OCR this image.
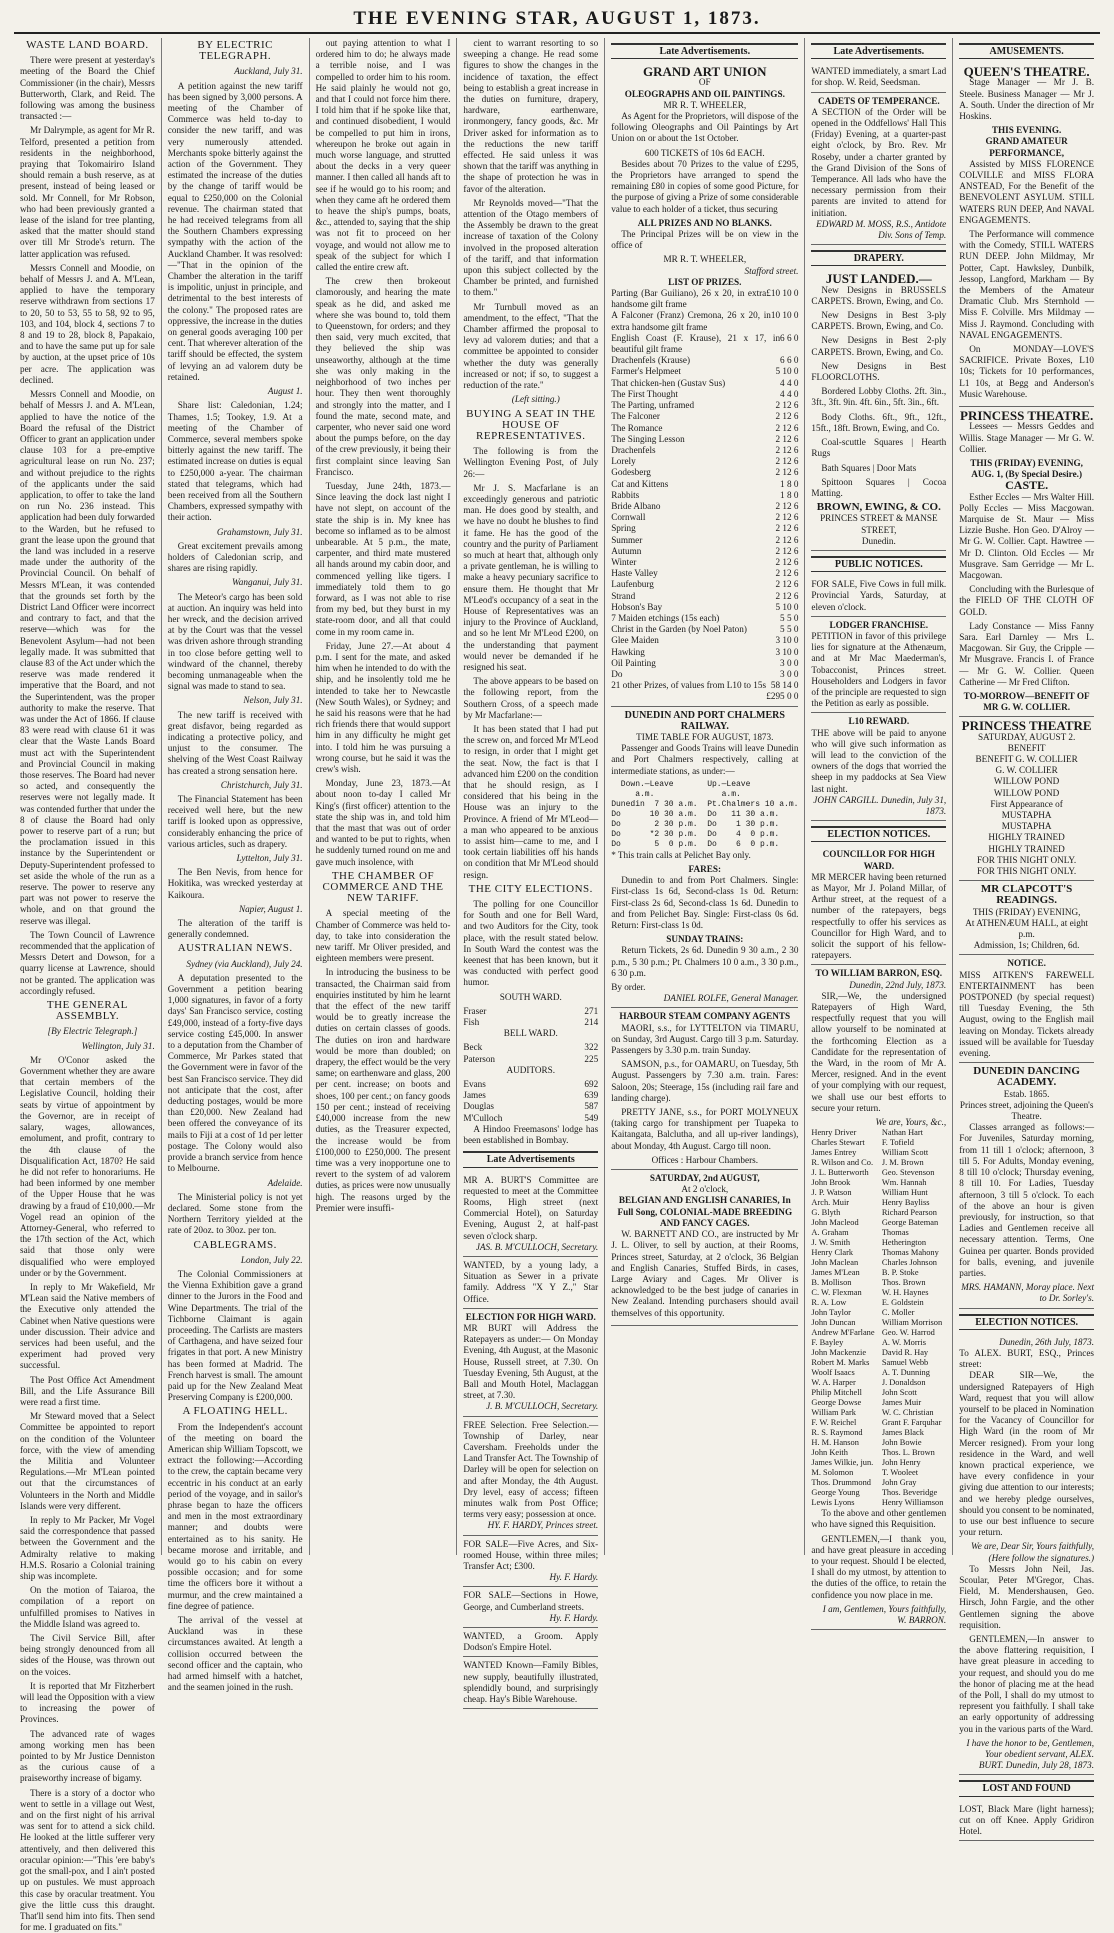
THE EVENING STAR, AUGUST 1, 1873.
WASTE LAND BOARD.

There were present at yesterday's meeting of the Board the Chief Commissioner (in the chair), Messrs Butterworth, Clark, and Reid. The following was among the business transacted :—

Mr Dalrymple, as agent for Mr R. Telford, presented a petition from residents in the neighborhood, praying that Tokomairiro Island should remain a bush reserve, as at present, instead of being leased or sold. Mr Connell, for Mr Robson, who had been previously granted a lease of the island for tree planting, asked that the matter should stand over till Mr Strode's return. The latter application was refused.

Messrs Connell and Moodie, on behalf of Messrs J. and A. M'Lean, applied to have the temporary reserve withdrawn from sections 17 to 20, 50 to 53, 55 to 58, 92 to 95, 103, and 104, block 4, sections 7 to 8 and 19 to 28, block 8, Papakaio, and to have the same put up for sale by auction, at the upset price of 10s per acre. The application was declined.

Messrs Connell and Moodie, on behalf of Messrs J. and A. M'Lean, applied to have the notice of the Board the refusal of the District Officer to grant an application under clause 103 for a pre-emptive agricultural lease on run No. 237; and without prejudice to the rights of the applicants under the said application, to offer to take the land on run No. 236 instead. This application had been duly forwarded to the Warden, but he refused to grant the lease upon the ground that the land was included in a reserve made under the authority of the Provincial Council. On behalf of Messrs M'Lean, it was contended that the grounds set forth by the District Land Officer were incorrect and contrary to fact, and that the reserve—which was for the Benevolent Asylum—had not been legally made. It was submitted that clause 83 of the Act under which the reserve was made rendered it imperative that the Board, and not the Superintendent, was the proper authority to make the reserve. That was under the Act of 1866. If clause 83 were read with clause 61 it was clear that the Waste Lands Board must act with the Superintendent and Provincial Council in making those reserves. The Board had never so acted, and consequently the reserves were not legally made. It was contended further that under the 8 of clause the Board had only power to reserve part of a run; but the proclamation issued in this instance by the Superintendent or Deputy-Superintendent professed to set aside the whole of the run as a reserve. The power to reserve any part was not power to reserve the whole, and on that ground the reserve was illegal.

The Town Council of Lawrence recommended that the application of Messrs Detert and Dowson, for a quarry license at Lawrence, should not be granted. The application was accordingly refused.

THE GENERAL ASSEMBLY.

[By Electric Telegraph.]

Wellington, July 31.

Mr O'Conor asked the Government whether they are aware that certain members of the Legislative Council, holding their seats by virtue of appointment by the Governor, are in receipt of salary, wages, allowances, emolument, and profit, contrary to the 4th clause of the Disqualification Act, 1870? He said he did not refer to honorariums. He had been informed by one member of the Upper House that he was drawing by a fraud of £10,000.—Mr Vogel read an opinion of the Attorney-General, who referred to the 17th section of the Act, which said that those only were disqualified who were employed under or by the Government.

In reply to Mr Wakefield, Mr M'Lean said the Native members of the Executive only attended the Cabinet when Native questions were under discussion. Their advice and services had been useful, and the experiment had proved very successful.

The Post Office Act Amendment Bill, and the Life Assurance Bill were read a first time.

Mr Steward moved that a Select Committee be appointed to report on the condition of the Volunteer force, with the view of amending the Militia and Volunteer Regulations.—Mr M'Lean pointed out that the circumstances of Volunteers in the North and Middle Islands were very different.

In reply to Mr Packer, Mr Vogel said the correspondence that passed between the Government and the Admiralty relative to making H.M.S. Rosario a Colonial training ship was incomplete.

On the motion of Taiaroa, the compilation of a report on unfulfilled promises to Natives in the Middle Island was agreed to.

The Civil Service Bill, after being strongly denounced from all sides of the House, was thrown out on the voices.

It is reported that Mr Fitzherbert will lead the Opposition with a view to increasing the power of Provinces.

The advanced rate of wages among working men has been pointed to by Mr Justice Denniston as the curious cause of a praiseworthy increase of bigamy.

There is a story of a doctor who went to settle in a village out West, and on the first night of his arrival was sent for to attend a sick child. He looked at the little sufferer very attentively, and then delivered this oracular opinion:—"This 'ere baby's got the small-pox, and I ain't posted up on pustules. We must approach this case by oracular treatment. You give the little cuss this draught. That'll send him into fits. Then send for me. I graduated on fits."

BY ELECTRIC TELEGRAPH.

Auckland, July 31.

A petition against the new tariff has been signed by 3,000 persons. A meeting of the Chamber of Commerce was held to-day to consider the new tariff, and was very numerously attended. Merchants spoke bitterly against the action of the Government. They estimated the increase of the duties by the change of tariff would be equal to £250,000 on the Colonial revenue. The chairman stated that he had received telegrams from all the Southern Chambers expressing sympathy with the action of the Auckland Chamber. It was resolved:—"That in the opinion of the Chamber the alteration in the tariff is impolitic, unjust in principle, and detrimental to the best interests of the colony." The proposed rates are oppressive, the increase in the duties on general goods averaging 100 per cent. That wherever alteration of the tariff should be effected, the system of levying an ad valorem duty be retained.

August 1.

Share list: Caledonian, 1.24; Thames, 1.5; Tookey, 1.9. At a meeting of the Chamber of Commerce, several members spoke bitterly against the new tariff. The estimated increase on duties is equal to £250,000 a-year. The chairman stated that telegrams, which had been received from all the Southern Chambers, expressed sympathy with their action.

Grahamstown, July 31.

Great excitement prevails among holders of Caledonian scrip, and shares are rising rapidly.

Wanganui, July 31.

The Meteor's cargo has been sold at auction. An inquiry was held into her wreck, and the decision arrived at by the Court was that the vessel was driven ashore through stranding in too close before getting well to windward of the channel, thereby becoming unmanageable when the signal was made to stand to sea.

Nelson, July 31.

The new tariff is received with great disfavor, being regarded as indicating a protective policy, and unjust to the consumer. The shelving of the West Coast Railway has created a strong sensation here.

Christchurch, July 31.

The Financial Statement has been received well here, but the new tariff is looked upon as oppressive, considerably enhancing the price of various articles, such as drapery.

Lyttelton, July 31.

The Ben Nevis, from hence for Hokitika, was wrecked yesterday at Kaikoura.

Napier, August 1.

The alteration of the tariff is generally condemned.

AUSTRALIAN NEWS.

Sydney (via Auckland), July 24.

A deputation presented to the Government a petition bearing 1,000 signatures, in favor of a forty days' San Francisco service, costing £49,000, instead of a forty-five days service costing £45,000. In answer to a deputation from the Chamber of Commerce, Mr Parkes stated that the Government were in favor of the best San Francisco service. They did not anticipate that the cost, after deducting postages, would be more than £20,000. New Zealand had been offered the conveyance of its mails to Fiji at a cost of 1d per letter postage. The Colony would also provide a branch service from hence to Melbourne.

Adelaide.

The Ministerial policy is not yet declared. Some stone from the Northern Territory yielded at the rate of 20oz. to 30oz. per ton.

CABLEGRAMS.

London, July 22.

The Colonial Commissioners at the Vienna Exhibition gave a grand dinner to the Jurors in the Food and Wine Departments. The trial of the Tichborne Claimant is again proceeding. The Carlists are masters of Carthagena, and have seized four frigates in that port. A new Ministry has been formed at Madrid. The French harvest is small. The amount paid up for the New Zealand Meat Preserving Company is £200,000.

A FLOATING HELL.

From the Independent's account of the meeting on board the American ship William Topscott, we extract the following:—According to the crew, the captain became very eccentric in his conduct at an early period of the voyage, and in sailor's phrase began to haze the officers and men in the most extraordinary manner; and doubts were entertained as to his sanity. He became morose and irritable, and would go to his cabin on every possible occasion; and for some time the officers bore it without a murmur, and the crew maintained a fine degree of patience.

The arrival of the vessel at Auckland was in these circumstances awaited. At length a collision occurred between the second officer and the captain, who had armed himself with a hatchet, and the seamen joined in the rush.

out paying attention to what I ordered him to do; he always made a terrible noise, and I was compelled to order him to his room. He said plainly he would not go, and that I could not force him there. I told him that if he spoke like that, and continued disobedient, I would be compelled to put him in irons, whereupon he broke out again in much worse language, and strutted about the decks in a very queer manner. I then called all hands aft to see if he would go to his room; and when they came aft he ordered them to heave the ship's pumps, boats, &c., attended to, saying that the ship was not fit to proceed on her voyage, and would not allow me to speak of the subject for which I called the entire crew aft.

The crew then brokeout clamorously, and hearing the mate speak as he did, and asked me where she was bound to, told them to Queenstown, for orders; and they then said, very much excited, that they believed the ship was unseaworthy, although at the time she was only making in the neighborhood of two inches per hour. They then went thoroughly and strongly into the matter, and I found the mate, second mate, and carpenter, who never said one word about the pumps before, on the day of the crew previously, it being their first complaint since leaving San Francisco.

Tuesday, June 24th, 1873.—Since leaving the dock last night I have not slept, on account of the state the ship is in. My knee has become so inflamed as to be almost unbearable. At 5 p.m., the mate, carpenter, and third mate mustered all hands around my cabin door, and commenced yelling like tigers. I immediately told them to go forward, as I was not able to rise from my bed, but they burst in my state-room door, and all that could come in my room came in.

Friday, June 27.—At about 4 p.m. I sent for the mate, and asked him when he intended to do with the ship, and he insolently told me he intended to take her to Newcastle (New South Wales), or Sydney; and he said his reasons were that he had rich friends there that would support him in any difficulty he might get into. I told him he was pursuing a wrong course, but he said it was the crew's wish.

Monday, June 23, 1873.—At about noon to-day I called Mr King's (first officer) attention to the state the ship was in, and told him that the mast that was out of order and wanted to be put to rights, when he suddenly turned round on me and gave much insolence, with

THE CHAMBER OF COMMERCE AND THE NEW TARIFF.

A special meeting of the Chamber of Commerce was held to-day, to take into consideration the new tariff. Mr Oliver presided, and eighteen members were present.

In introducing the business to be transacted, the Chairman said from enquiries instituted by him he learnt that the effect of the new tariff would be to greatly increase the duties on certain classes of goods. The duties on iron and hardware would be more than doubled; on drapery, the effect would be the very same; on earthenware and glass, 200 per cent. increase; on boots and shoes, 100 per cent.; on fancy goods 150 per cent.; instead of receiving £40,000 increase from the new duties, as the Treasurer expected, the increase would be from £100,000 to £250,000. The present time was a very inopportune one to revert to the system of ad valorem duties, as prices were now unusually high. The reasons urged by the Premier were insuffi-

cient to warrant resorting to so sweeping a change. He read some figures to show the changes in the incidence of taxation, the effect being to establish a great increase in the duties on furniture, drapery, hardware, earthenware, ironmongery, fancy goods, &c. Mr Driver asked for information as to the reductions the new tariff effected. He said unless it was shown that the tariff was anything in the shape of protection he was in favor of the alteration.

Mr Reynolds moved—"That the attention of the Otago members of the Assembly be drawn to the great increase of taxation of the Colony involved in the proposed alteration of the tariff, and that information upon this subject collected by the Chamber be printed, and furnished to them."

Mr Turnbull moved as an amendment, to the effect, "That the Chamber affirmed the proposal to levy ad valorem duties; and that a committee be appointed to consider whether the duty was generally increased or not; if so, to suggest a reduction of the rate."

(Left sitting.)

BUYING A SEAT IN THE HOUSE OF REPRESENTATIVES.

The following is from the Wellington Evening Post, of July 26:—

Mr J. S. Macfarlane is an exceedingly generous and patriotic man. He does good by stealth, and we have no doubt he blushes to find it fame. He has the good of the country and the purity of Parliament so much at heart that, although only a private gentleman, he is willing to make a heavy pecuniary sacrifice to ensure them. He thought that Mr M'Leod's occupancy of a seat in the House of Representatives was an injury to the Province of Auckland, and so he lent Mr M'Leod £200, on the understanding that payment would never be demanded if he resigned his seat.

The above appears to be based on the following report, from the Southern Cross, of a speech made by Mr Macfarlane:—

It has been stated that I had put the screw on, and forced Mr M'Leod to resign, in order that I might get the seat. Now, the fact is that I advanced him £200 on the condition that he should resign, as I considered that his being in the House was an injury to the Province. A friend of Mr M'Leod—a man who appeared to be anxious to assist him—came to me, and I took certain liabilities off his hands on condition that Mr M'Leod should resign.

THE CITY ELECTIONS.

The polling for one Councillor for South and one for Bell Ward, and two Auditors for the City, took place, with the result stated below. In South Ward the contest was the keenest that has been known, but it was conducted with perfect good humor.

SOUTH WARD.

Fraser	271
Fish	214

BELL WARD.

Beck	322
Paterson	225

AUDITORS.

Evans	692
James	639
Douglas	587
M'Culloch	549

A Hindoo Freemasons' lodge has been established in Bombay.

Late Advertisements
MR A. BURT'S Committee are requested to meet at the Committee Rooms, High street (next Commercial Hotel), on Saturday Evening, August 2, at half-past seven o'clock sharp.
JAS. B. M'CULLOCH, Secretary.
WANTED, by a young lady, a Situation as Sewer in a private family. Address "X Y Z.," Star Office.
ELECTION FOR HIGH WARD.
MR BURT will Address the Ratepayers as under:— On Monday Evening, 4th August, at the Masonic House, Russell street, at 7.30. On Tuesday Evening, 5th August, at the Ball and Mouth Hotel, Maclaggan street, at 7.30.
J. B. M'CULLOCH, Secretary.
FREE Selection. Free Selection.—Township of Darley, near Caversham. Freeholds under the Land Transfer Act. The Township of Darley will be open for selection on and after Monday, the 4th August. Dry level, easy of access; fifteen minutes walk from Post Office; terms very easy; possession at once.
HY. F. HARDY, Princes street.
FOR SALE—Five Acres, and Six-roomed House, within three miles; Transfer Act; £300.
Hy. F. Hardy.
FOR SALE—Sections in Howe, George, and Cumberland streets.
Hy. F. Hardy.
WANTED, a Groom. Apply Dodson's Empire Hotel.
WANTED Known—Family Bibles, new supply, beautifully illustrated, splendidly bound, and surprisingly cheap. Hay's Bible Warehouse.
Late Advertisements.
GRAND ART UNION
OF
OLEOGRAPHS AND OIL PAINTINGS.
MR R. T. WHEELER,

As Agent for the Proprietors, will dispose of the following Oleographs and Oil Paintings by Art Union on or about the 1st October.

600 TICKETS of 10s 6d EACH.

Besides about 70 Prizes to the value of £295, the Proprietors have arranged to spend the remaining £80 in copies of some good Picture, for the purpose of giving a Prize of some considerable value to each holder of a ticket, thus securing

ALL PRIZES AND NO BLANKS.

The Principal Prizes will be on view in the office of

MR R. T. WHEELER,
Stafford street.
LIST OF PRIZES.
Parting (Bar Guiliano), 26 x 20, in extra handsome gilt frame
£10 10 0
A Falconer (Franz) Cremona, 26 x 20, in extra handsome gilt frame
10 10 0
English Coast (F. Krause), 21 x 17, in beautiful gilt frame
6 6 0
Drachenfels (Krause)	6 6 0
Farmer's Helpmeet	5 10 0
That chicken-hen (Gustav Sus)	4 4 0
The First Thought	4 4 0
The Parting, unframed	2 12 6
The Falconer	2 12 6
The Romance	2 12 6
The Singing Lesson	2 12 6
Drachenfels	2 12 6
Lorely	2 12 6
Godesberg	2 12 6
Cat and Kittens	1 8 0
Rabbits	1 8 0
Bride Albano	2 12 6
Cornwall	2 12 6
Spring	2 12 6
Summer	2 12 6
Autumn	2 12 6
Winter	2 12 6
Haste Valley	2 12 6
Laufenburg	2 12 6
Strand	2 12 6
Hobson's Bay	5 10 0
7 Maiden etchings (15s each)	5 5 0
Christ in the Garden (by Noel Paton)	5 5 0
Glee Maiden	3 10 0
Hawking	3 10 0
Oil Painting	3 0 0
Do	3 0 0
21 other Prizes, of values from L10 to 15s 58 14 0
£295 0 0
DUNEDIN AND PORT CHALMERS RAILWAY.
TIME TABLE FOR AUGUST, 1873.

Passenger and Goods Trains will leave Dunedin and Port Chalmers respectively, calling at intermediate stations, as under:—

Down.—Leave       Up.—Leave
a.m.              a.m.
Dunedin  7 30 a.m.  Pt.Chalmers 10 a.m.
Do      10 30 a.m.  Do   11 30 a.m.
Do       2 30 p.m.  Do    1 30 p.m.
Do      *2 30 p.m.  Do    4  0 p.m.
Do       5  0 p.m.  Do    6  0 p.m.

* This train calls at Pelichet Bay only.

FARES:

Dunedin to and from Port Chalmers. Single: First-class 1s 6d, Second-class 1s 0d. Return: First-class 2s 6d, Second-class 1s 6d. Dunedin to and from Pelichet Bay. Single: First-class 0s 6d. Return: First-class 1s 0d.

SUNDAY TRAINS:

Return Tickets, 2s 6d. Dunedin 9 30 a.m., 2 30 p.m., 5 30 p.m.; Pt. Chalmers 10 0 a.m., 3 30 p.m., 6 30 p.m.

By order.
DANIEL ROLFE, General Manager.
HARBOUR STEAM COMPANY AGENTS

MAORI, s.s., for LYTTELTON via TIMARU, on Sunday, 3rd August. Cargo till 3 p.m. Saturday. Passengers by 3.30 p.m. train Sunday.

SAMSON, p.s., for OAMARU, on Tuesday, 5th August. Passengers by 7.30 a.m. train. Fares: Saloon, 20s; Steerage, 15s (including rail fare and landing charge).

PRETTY JANE, s.s., for PORT MOLYNEUX (taking cargo for transhipment per Tuapeka to Kaitangata, Balclutha, and all up-river landings), about Monday, 4th August. Cargo till noon.

Offices : Harbour Chambers.
SATURDAY, 2nd AUGUST,
At 2 o'clock,
BELGIAN AND ENGLISH CANARIES, In Full Song, COLONIAL-MADE BREEDING AND FANCY CAGES.

W. BARNETT AND CO., are instructed by Mr J. L. Oliver, to sell by auction, at their Rooms, Princes street, Saturday, at 2 o'clock, 36 Belgian and English Canaries, Stuffed Birds, in cases, Large Aviary and Cages. Mr Oliver is acknowledged to be the best judge of canaries in New Zealand. Intending purchasers should avail themselves of this opportunity.

Late Advertisements.
WANTED immediately, a smart Lad for shop. W. Reid, Seedsman.
CADETS OF TEMPERANCE.
A SECTION of the Order will be opened in the Oddfellows' Hall This (Friday) Evening, at a quarter-past eight o'clock, by Bro. Rev. Mr Roseby, under a charter granted by the Grand Division of the Sons of Temperance. All lads who have the necessary permission from their parents are invited to attend for initiation.
EDWARD M. MOSS, R.S., Antidote Div. Sons of Temp.
DRAPERY.
JUST LANDED.—

New Designs in BRUSSELS CARPETS. Brown, Ewing, and Co.

New Designs in Best 3-ply CARPETS. Brown, Ewing, and Co.

New Designs in Best 2-ply CARPETS. Brown, Ewing, and Co.

New Designs in Best FLOORCLOTHS.

Bordered Lobby Cloths. 2ft. 3in., 3ft., 3ft. 9in. 4ft. 6in., 5ft. 3in., 6ft.

Body Cloths. 6ft., 9ft., 12ft., 15ft., 18ft. Brown, Ewing, and Co.

Coal-scuttle Squares | Hearth Rugs

Bath Squares | Door Mats

Spittoon Squares | Cocoa Matting.

BROWN, EWING, & CO.
PRINCES STREET & MANSE STREET,
Dunedin.
PUBLIC NOTICES.
FOR SALE, Five Cows in full milk. Provincial Yards, Saturday, at eleven o'clock.
LODGER FRANCHISE.
PETITION in favor of this privilege lies for signature at the Athenæum, and at Mr Mac Maederman's, Tobacconist, Princes street. Householders and Lodgers in favor of the principle are requested to sign the Petition as early as possible.
L10 REWARD.
THE above will be paid to anyone who will give such information as will lead to the conviction of the owners of the dogs that worried the sheep in my paddocks at Sea View last night.
JOHN CARGILL. Dunedin, July 31, 1873.
ELECTION NOTICES.
COUNCILLOR FOR HIGH WARD.
MR MERCER having been returned as Mayor, Mr J. Poland Millar, of Arthur street, at the request of a number of the ratepayers, begs respectfully to offer his services as Councillor for High Ward, and to solicit the support of his fellow-ratepayers.
TO WILLIAM BARRON, ESQ.
Dunedin, 22nd July, 1873.

SIR,—We, the undersigned Ratepayers of High Ward, respectfully request that you will allow yourself to be nominated at the forthcoming Election as a Candidate for the representation of the Ward, in the room of Mr A. Mercer, resigned. And in the event of your complying with our request, we shall use our best efforts to secure your return.

We are, Yours, &c.,
Henry Driver
Charles Stewart
James Entrey
R. Wilson and Co.
J. L. Butterworth
John Brook
J. P. Watson
Arch. Muir
G. Blyth
John Macleod
A. Graham
J. W. Smith
Henry Clark
John Maclean
James M'Lean
B. Mollison
C. W. Flexman
R. A. Low
John Taylor
John Duncan
Andrew M'Farlane
F. Bayley
John Mackenzie
Robert M. Marks
Woolf Isaacs
W. A. Harper
Philip Mitchell
George Dowse
William Park
F. W. Reichel
R. S. Raymond
H. M. Hanson
John Keith
James Wilkie, jun.
M. Solomon
Thos. Drummond
George Young
Lewis Lyons
Nathan Hart
F. Tofield
William Scott
J. M. Brown
Geo. Stevenson
Wm. Hannah
William Hunt
Henry Bayliss
Richard Pearson
George Bateman
Thomas Hetherington
Thomas Mahony
Charles Johnson
B. P. Stoke
Thos. Brown
W. H. Haynes
E. Goldstein
C. Moller
William Morrison
Geo. W. Harrod
A. W. Morris
David R. Hay
Samuel Webb
A. T. Dunning
J. Donaldson
John Scott
James Muir
W. C. Christian
Grant F. Farquhar
James Black
John Bowie
Thos. L. Brown
John Henry
T. Wooleet
John Gray
Thos. Beveridge
Henry Williamson

To the above and other gentlemen who have signed this Requisition.

GENTLEMEN,—I thank you, and have great pleasure in acceding to your request. Should I be elected, I shall do my utmost, by attention to the duties of the office, to retain the confidence you now place in me.

I am, Gentlemen, Yours faithfully, W. BARRON.
AMUSEMENTS.
QUEEN'S THEATRE.

Stage Manager — Mr J. B. Steele. Business Manager — Mr J. A. South. Under the direction of Mr Hoskins.

THIS EVENING.
GRAND AMATEUR PERFORMANCE,

Assisted by MISS FLORENCE COLVILLE and MISS FLORA ANSTEAD, For the Benefit of the BENEVOLENT ASYLUM. STILL WATERS RUN DEEP, And NAVAL ENGAGEMENTS.

The Performance will commence with the Comedy, STILL WATERS RUN DEEP. John Mildmay, Mr Potter, Capt. Hawksley, Dunbilk, Jessop, Langford, Markham — By the Members of the Amateur Dramatic Club. Mrs Sternhold — Miss F. Colville. Mrs Mildmay — Miss J. Raymond. Concluding with NAVAL ENGAGEMENTS.

On MONDAY—LOVE'S SACRIFICE. Private Boxes, L10 10s; Tickets for 10 performances, L1 10s, at Begg and Anderson's Music Warehouse.

PRINCESS THEATRE.

Lessees — Messrs Geddes and Willis. Stage Manager — Mr G. W. Collier.

THIS (FRIDAY) EVENING, AUG. 1, (By Special Desire.)
CASTE.

Esther Eccles — Mrs Walter Hill. Polly Eccles — Miss Macgowan. Marquise de St. Maur — Miss Lizzie Bushe. Hon Geo. D'Alroy — Mr G. W. Collier. Capt. Hawtree — Mr D. Clinton. Old Eccles — Mr Musgrave. Sam Gerridge — Mr L. Macgowan.

Concluding with the Burlesque of the FIELD OF THE CLOTH OF GOLD.

Lady Constance — Miss Fanny Sara. Earl Darnley — Mrs L. Macgowan. Sir Guy, the Cripple — Mr Musgrave. Francis I. of France — Mr G. W. Collier. Queen Catherine — Mr Fred Clifton.

TO-MORROW—BENEFIT OF MR G. W. COLLIER.
PRINCESS THEATRE
SATURDAY, AUGUST 2.
BENEFIT
BENEFIT G. W. COLLIER
G. W. COLLIER
WILLOW POND
WILLOW POND
First Appearance of
MUSTAPHA
MUSTAPHA
HIGHLY TRAINED
HIGHLY TRAINED
FOR THIS NIGHT ONLY.
FOR THIS NIGHT ONLY.
MR CLAPCOTT'S READINGS.
THIS (FRIDAY) EVENING,
At ATHENÆUM HALL, at eight p.m.
Admission, 1s; Children, 6d.
NOTICE.
MISS AITKEN'S FAREWELL ENTERTAINMENT has been POSTPONED (by special request) till Tuesday Evening, the 5th August, owing to the English mail leaving on Monday. Tickets already issued will be available for Tuesday evening.
DUNEDIN DANCING ACADEMY.
Estab. 1865.
Princes street, adjoining the Queen's Theatre.

Classes arranged as follows:— For Juveniles, Saturday morning, from 11 till 1 o'clock; afternoon, 3 till 5. For Adults, Monday evening, 8 till 10 o'clock; Thursday evening, 8 till 10. For Ladies, Tuesday afternoon, 3 till 5 o'clock. To each of the above an hour is given previously, for instruction, so that Ladies and Gentlemen receive all necessary attention. Terms, One Guinea per quarter. Bonds provided for balls, evening, and juvenile parties.

MRS. HAMANN, Moray place. Next to Dr. Sorley's.
ELECTION NOTICES.
Dunedin, 26th July, 1873.
To ALEX. BURT, ESQ., Princes street:

DEAR SIR—We, the undersigned Ratepayers of High Ward, request that you will allow yourself to be placed in Nomination for the Vacancy of Councillor for High Ward (in the room of Mr Mercer resigned). From your long residence in the Ward, and well known practical experience, we have every confidence in your giving due attention to our interests; and we hereby pledge ourselves, should you consent to be nominated, to use our best influence to secure your return.

We are, Dear Sir, Yours faithfully, (Here follow the signatures.)

To Messrs John Neil, Jas. Scoular, Peter M'Gregor, Chas. Field, M. Mendershausen, Geo. Hirsch, John Fargie, and the other Gentlemen signing the above requisition.

GENTLEMEN,—In answer to the above flattering requisition, I have great pleasure in acceding to your request, and should you do me the honor of placing me at the head of the Poll, I shall do my utmost to represent you faithfully. I shall take an early opportunity of addressing you in the various parts of the Ward.

I have the honor to be, Gentlemen, Your obedient servant, ALEX. BURT. Dunedin, July 28, 1873.
LOST AND FOUND
LOST, Black Mare (light harness); cut on off Knee. Apply Gridiron Hotel.
